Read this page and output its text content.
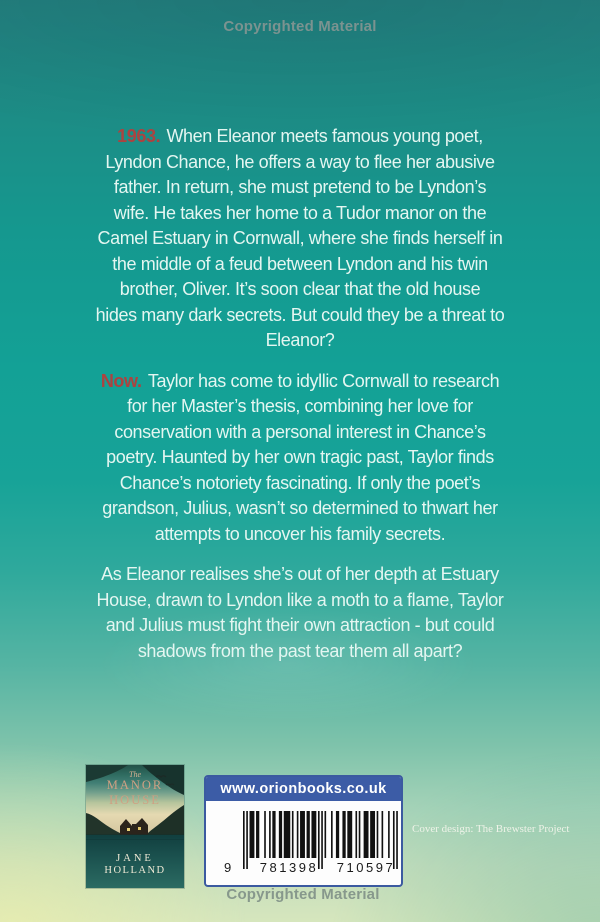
Copyrighted Material
1963. When Eleanor meets famous young poet,
Lyndon Chance, he offers a way to flee her abusive
father. In return, she must pretend to be Lyndon’s
wife. He takes her home to a Tudor manor on the
Camel Estuary in Cornwall, where she finds herself in
the middle of a feud between Lyndon and his twin
brother, Oliver. It’s soon clear that the old house
hides many dark secrets. But could they be a threat to
Eleanor?
Now. Taylor has come to idyllic Cornwall to research
for her Master’s thesis, combining her love for
conservation with a personal interest in Chance’s
poetry. Haunted by her own tragic past, Taylor finds
Chance’s notoriety fascinating. If only the poet’s
grandson, Julius, wasn’t so determined to thwart her
attempts to uncover his family secrets.
As Eleanor realises she’s out of her depth at Estuary
House, drawn to Lyndon like a moth to a flame, Taylor
and Julius must fight their own attraction - but could
shadows from the past tear them all apart?
The
MANOR
HOUSE
JANE
HOLLAND
www.orionbooks.co.uk
9	781398	710597
Cover design: The Brewster Project
Copyrighted Material
